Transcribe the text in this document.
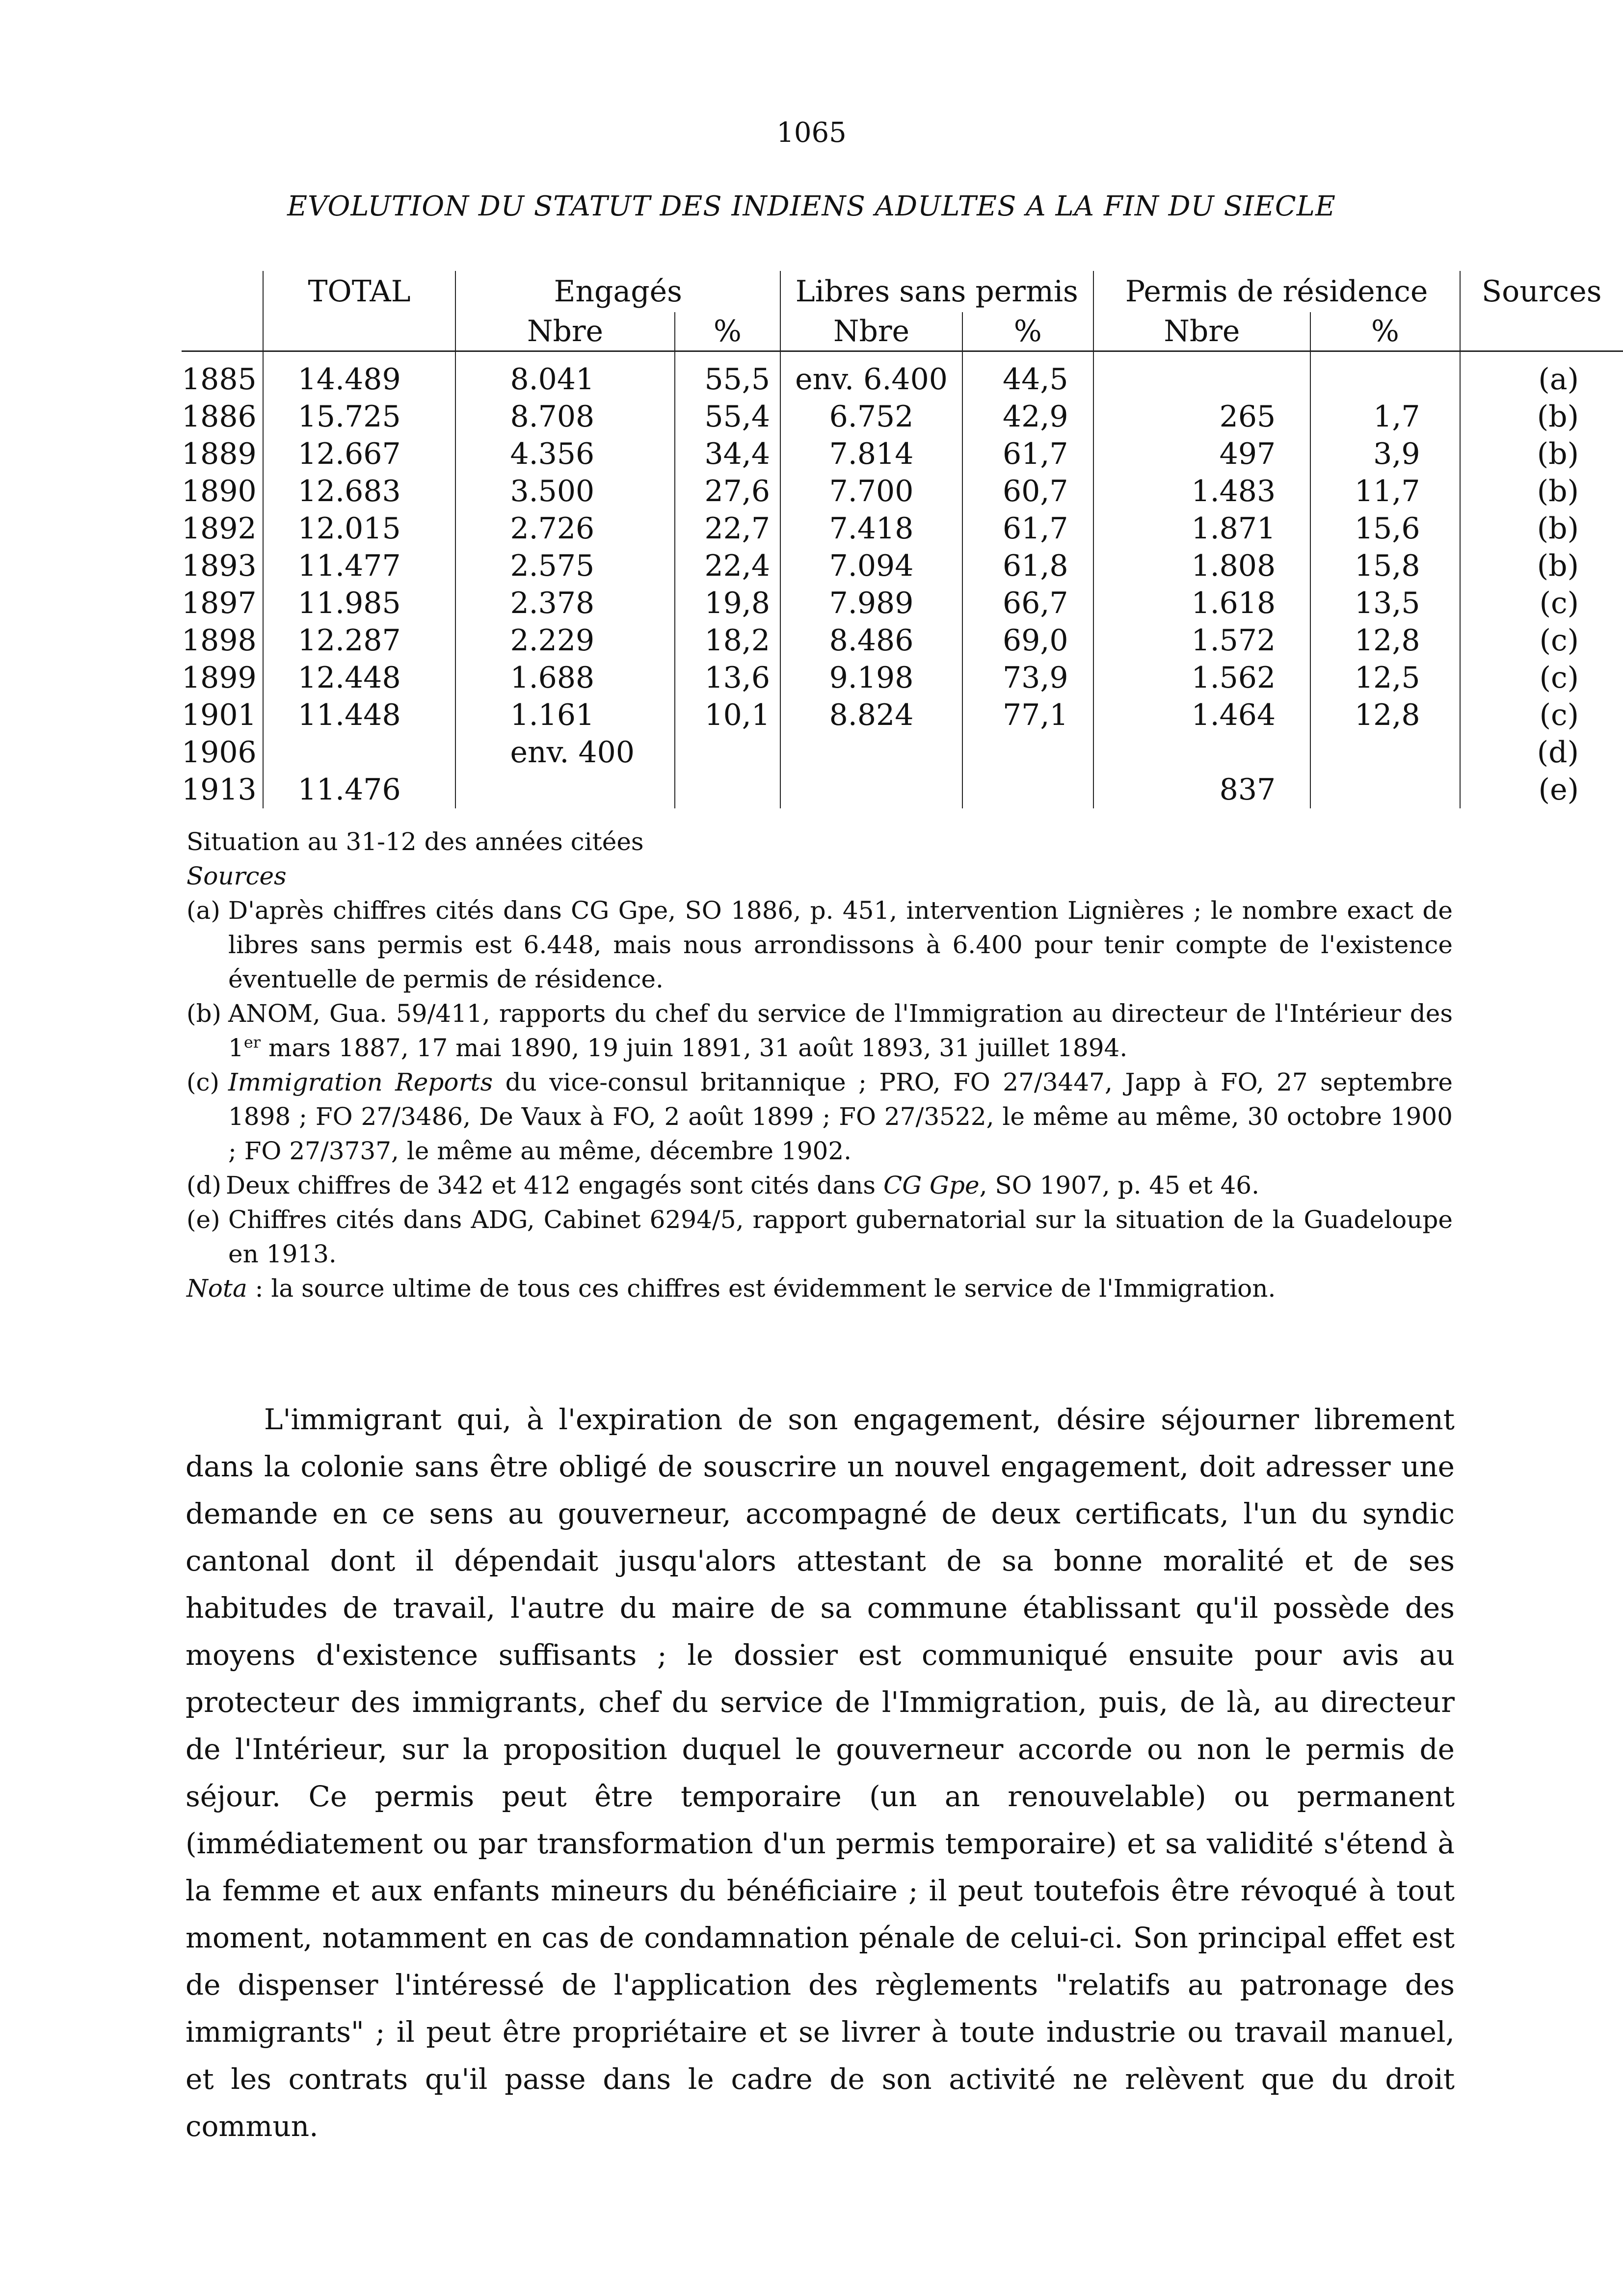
1065
EVOLUTION DU STATUT DES INDIENS ADULTES A LA FIN DU SIECLE
	TOTAL	Engagés		Libres sans permis		Permis de résidence		Sources
		Nbre	%	Nbre	%	Nbre	%	
1885	14.489	8.041	55,5	env. 6.400	44,5			(a)
1886	15.725	8.708	55,4	6.752	42,9	265	1,7	(b)
1889	12.667	4.356	34,4	7.814	61,7	497	3,9	(b)
1890	12.683	3.500	27,6	7.700	60,7	1.483	11,7	(b)
1892	12.015	2.726	22,7	7.418	61,7	1.871	15,6	(b)
1893	11.477	2.575	22,4	7.094	61,8	1.808	15,8	(b)
1897	11.985	2.378	19,8	7.989	66,7	1.618	13,5	(c)
1898	12.287	2.229	18,2	8.486	69,0	1.572	12,8	(c)
1899	12.448	1.688	13,6	9.198	73,9	1.562	12,5	(c)
1901	11.448	1.161	10,1	8.824	77,1	1.464	12,8	(c)
1906		env. 400						(d)
1913	11.476					837		(e)

Situation au 31-12 des années citées

Sources

(a) D'après chiffres cités dans CG Gpe, SO 1886, p. 451, intervention Lignières ; le nombre exact de libres sans permis est 6.448, mais nous arrondissons à 6.400 pour tenir compte de l'existence éventuelle de permis de résidence.

(b) ANOM, Gua. 59/411, rapports du chef du service de l'Immigration au directeur de l'Intérieur des 1er mars 1887, 17 mai 1890, 19 juin 1891, 31 août 1893, 31 juillet 1894.

(c) Immigration Reports du vice-consul britannique ; PRO, FO 27/3447, Japp à FO, 27 septembre 1898 ; FO 27/3486, De Vaux à FO, 2 août 1899 ; FO 27/3522, le même au même, 30 octobre 1900 ; FO 27/3737, le même au même, décembre 1902.

(d) Deux chiffres de 342 et 412 engagés sont cités dans CG Gpe, SO 1907, p. 45 et 46.

(e) Chiffres cités dans ADG, Cabinet 6294/5, rapport gubernatorial sur la situation de la Guadeloupe en 1913.

Nota : la source ultime de tous ces chiffres est évidemment le service de l'Immigration.

L'immigrant qui, à l'expiration de son engagement, désire séjourner librement dans la colonie sans être obligé de souscrire un nouvel engagement, doit adresser une demande en ce sens au gouverneur, accompagné de deux certificats, l'un du syndic cantonal dont il dépendait jusqu'alors attestant de sa bonne moralité et de ses habitudes de travail, l'autre du maire de sa commune établissant qu'il possède des moyens d'existence suffisants ; le dossier est communiqué ensuite pour avis au protecteur des immigrants, chef du service de l'Immigration, puis, de là, au directeur de l'Intérieur, sur la proposition duquel le gouverneur accorde ou non le permis de séjour. Ce permis peut être temporaire (un an renouvelable) ou permanent (immédiatement ou par transformation d'un permis temporaire) et sa validité s'étend à la femme et aux enfants mineurs du bénéficiaire ; il peut toutefois être révoqué à tout moment, notamment en cas de condamnation pénale de celui-ci. Son principal effet est de dispenser l'intéressé de l'application des règlements "relatifs au patronage des immigrants" ; il peut être propriétaire et se livrer à toute industrie ou travail manuel, et les contrats qu'il passe dans le cadre de son activité ne relèvent que du droit commun.
